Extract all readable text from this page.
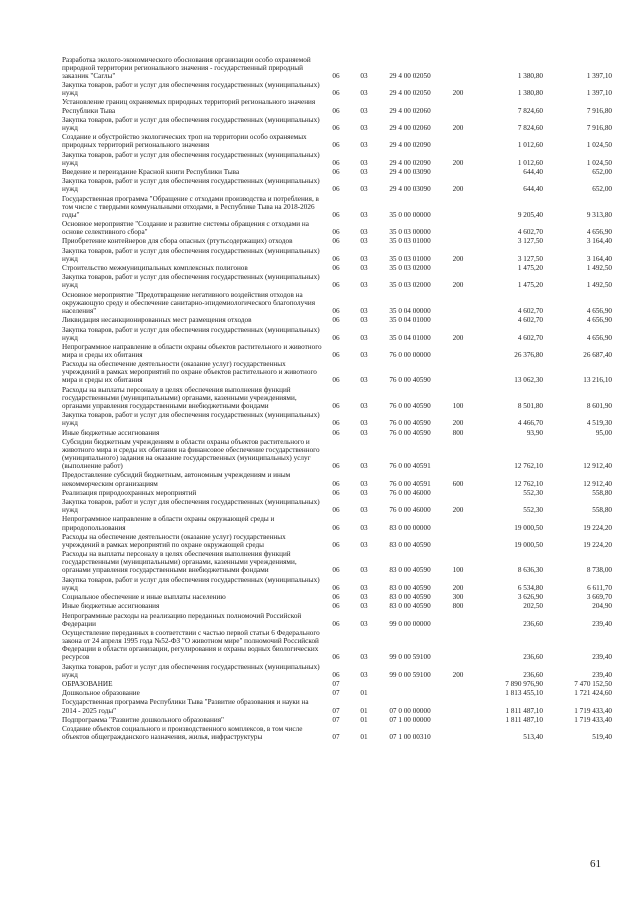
Разработка эколого-экономического обоснования организации особо охраняемой природной территории регионального значения - государственный природный заказник "Саглы"	06	03	29 4 00 02050		1 380,80	1 397,10
Закупка товаров, работ и услуг для обеспечения государственных (муниципальных) нужд	06	03	29 4 00 02050	200	1 380,80	1 397,10
Установление границ охраняемых природных территорий регионального значения Республики Тыва	06	03	29 4 00 02060		7 824,60	7 916,80
Закупка товаров, работ и услуг для обеспечения государственных (муниципальных) нужд	06	03	29 4 00 02060	200	7 824,60	7 916,80
Создание и обустройство экологических троп на территории особо охраняемых природных территорий регионального значения	06	03	29 4 00 02090		1 012,60	1 024,50
Закупка товаров, работ и услуг для обеспечения государственных (муниципальных) нужд	06	03	29 4 00 02090	200	1 012,60	1 024,50
Введение и переиздание Красной книги Республики Тыва	06	03	29 4 00 03090		644,40	652,00
Закупка товаров, работ и услуг для обеспечения государственных (муниципальных) нужд	06	03	29 4 00 03090	200	644,40	652,00
Государственная программа "Обращение с отходами производства и потребления, в том числе с твердыми коммунальными отходами, в Республике Тыва на 2018-2026 годы"	06	03	35 0 00 00000		9 205,40	9 313,80
Основное мероприятие "Создание и развитие системы обращения с отходами на основе селективного сбора"	06	03	35 0 03 00000		4 602,70	4 656,90
Приобретение контейнеров для сбора опасных (ртутьсодержащих) отходов	06	03	35 0 03 01000		3 127,50	3 164,40
Закупка товаров, работ и услуг для обеспечения государственных (муниципальных) нужд	06	03	35 0 03 01000	200	3 127,50	3 164,40
Строительство межмуниципальных комплексных полигонов	06	03	35 0 03 02000		1 475,20	1 492,50
Закупка товаров, работ и услуг для обеспечения государственных (муниципальных) нужд	06	03	35 0 03 02000	200	1 475,20	1 492,50
Основное мероприятие "Предотвращение негативного воздействия отходов на окружающую среду и обеспечение санитарно-эпидемиологического благополучия населения"	06	03	35 0 04 00000		4 602,70	4 656,90
Ликвидация несанкционированных мест размещения отходов	06	03	35 0 04 01000		4 602,70	4 656,90
Закупка товаров, работ и услуг для обеспечения государственных (муниципальных) нужд	06	03	35 0 04 01000	200	4 602,70	4 656,90
Непрограммное направление в области охраны объектов растительного и животного мира и среды их обитания	06	03	76 0 00 00000		26 376,80	26 687,40
Расходы на обеспечение деятельности (оказание услуг) государственных учреждений в рамках мероприятий по охране объектов растительного и животного мира и среды их обитания	06	03	76 0 00 40590		13 062,30	13 216,10
Расходы на выплаты персоналу в целях обеспечения выполнения функций государственными (муниципальными) органами, казенными учреждениями, органами управления государственными внебюджетными фондами	06	03	76 0 00 40590	100	8 501,80	8 601,90
Закупка товаров, работ и услуг для обеспечения государственных (муниципальных) нужд	06	03	76 0 00 40590	200	4 466,70	4 519,30
Иные бюджетные ассигнования	06	03	76 0 00 40590	800	93,90	95,00
Субсидии бюджетным учреждениям в области охраны объектов растительного и животного мира и среды их обитания на финансовое обеспечение государственного (муниципального) задания на оказание государственных (муниципальных) услуг (выполнение работ)	06	03	76 0 00 40591		12 762,10	12 912,40
Предоставление субсидий бюджетным, автономным учреждениям и иным некоммерческим организациям	06	03	76 0 00 40591	600	12 762,10	12 912,40
Реализация природоохранных мероприятий	06	03	76 0 00 46000		552,30	558,80
Закупка товаров, работ и услуг для обеспечения государственных (муниципальных) нужд	06	03	76 0 00 46000	200	552,30	558,80
Непрограммное направление в области охраны окружающей среды и природопользования	06	03	83 0 00 00000		19 000,50	19 224,20
Расходы на обеспечение деятельности (оказание услуг) государственных учреждений в рамках мероприятий по охране окружающей среды	06	03	83 0 00 40590		19 000,50	19 224,20
Расходы на выплаты персоналу в целях обеспечения выполнения функций государственными (муниципальными) органами, казенными учреждениями, органами управления государственными внебюджетными фондами	06	03	83 0 00 40590	100	8 636,30	8 738,00
Закупка товаров, работ и услуг для обеспечения государственных (муниципальных) нужд	06	03	83 0 00 40590	200	6 534,80	6 611,70
Социальное обеспечение и иные выплаты населению	06	03	83 0 00 40590	300	3 626,90	3 669,70
Иные бюджетные ассигнования	06	03	83 0 00 40590	800	202,50	204,90
Непрограммные расходы на реализацию переданных полномочий Российской Федерации	06	03	99 0 00 00000		236,60	239,40
Осуществление переданных в соответствии с частью первой статьи 6 Федерального закона от 24 апреля 1995 года №52-ФЗ "О животном мире" полномочий Российской Федерации в области организации, регулирования и охраны водных биологических ресурсов	06	03	99 0 00 59100		236,60	239,40
Закупка товаров, работ и услуг для обеспечения государственных (муниципальных) нужд	06	03	99 0 00 59100	200	236,60	239,40
ОБРАЗОВАНИЕ	07				7 890 976,90	7 470 152,50
Дошкольное образование	07	01			1 813 455,10	1 721 424,60
Государственная программа Республики Тыва "Развитие образования и науки на 2014 - 2025 годы"	07	01	07 0 00 00000		1 811 487,10	1 719 433,40
Подпрограмма "Развитие дошкольного образования"	07	01	07 1 00 00000		1 811 487,10	1 719 433,40
Создание объектов социального и производственного комплексов, в том числе объектов общегражданского назначения, жилья, инфраструктуры	07	01	07 1 00 00310		513,40	519,40
61
